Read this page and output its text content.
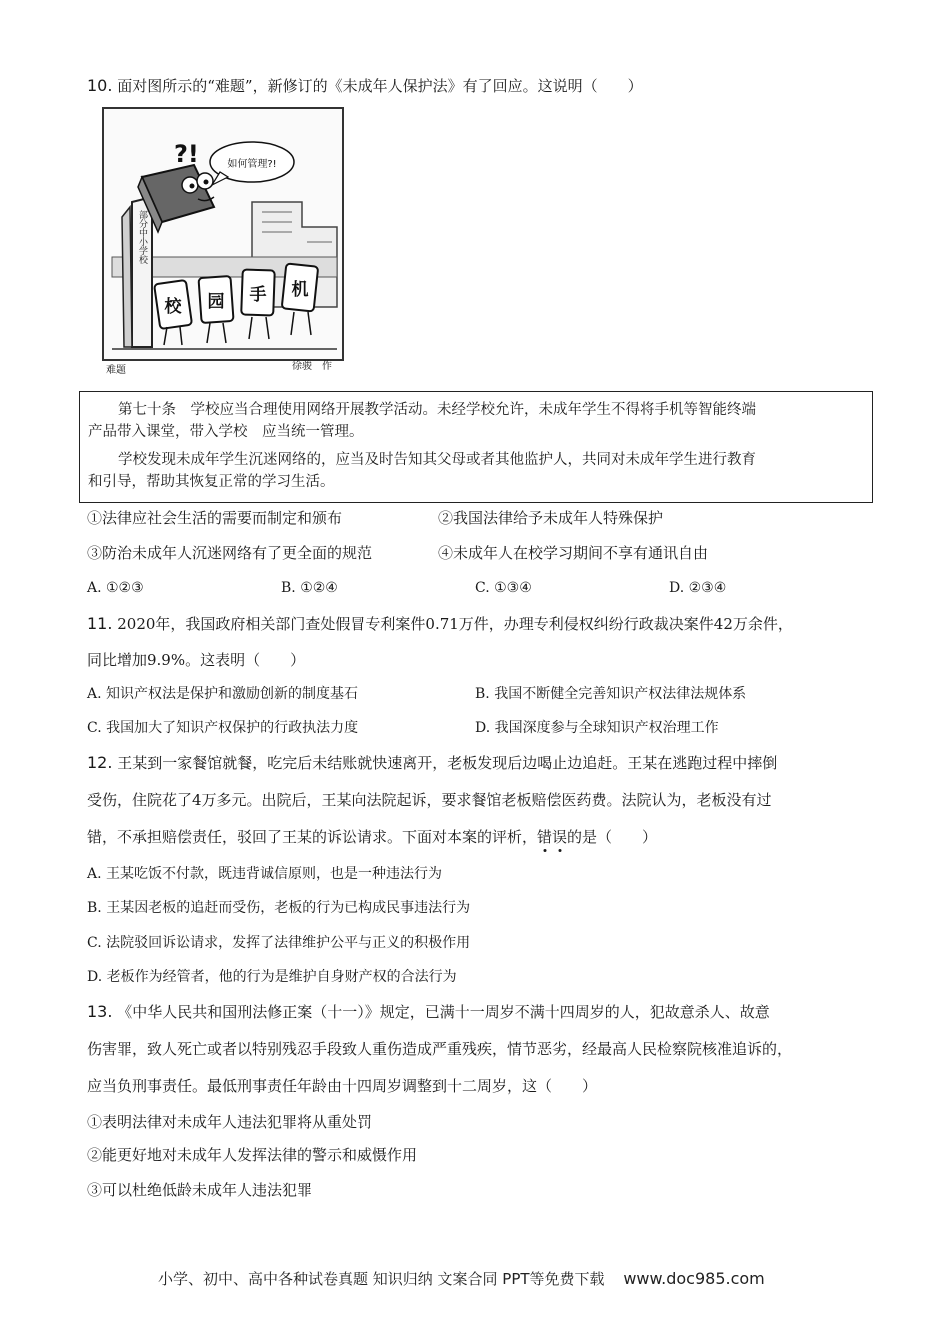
10. 面对图所示的“难题”，新修订的《未成年人保护法》有了回应。这说明（　　）
?!	如何管理?!
部分中小学校
校 园 手 机
难题	徐骏　作

第七十条　学校应当合理使用网络开展教学活动。未经学校允许，未成年学生不得将手机等智能终端

产品带入课堂，带入学校　应当统一管理。

学校发现未成年学生沉迷网络的，应当及时告知其父母或者其他监护人，共同对未成年学生进行教育

和引导，帮助其恢复正常的学习生活。

①法律应社会生活的需要而制定和颁布	②我国法律给予未成年人特殊保护
③防治未成年人沉迷网络有了更全面的规范	④未成年人在校学习期间不享有通讯自由
A. ①②③	B. ①②④	C. ①③④	D. ②③④
11. 2020年，我国政府相关部门查处假冒专利案件0.71万件，办理专利侵权纠纷行政裁决案件42万余件，
同比增加9.9%。这表明（　　）
A. 知识产权法是保护和激励创新的制度基石	B. 我国不断健全完善知识产权法律法规体系
C. 我国加大了知识产权保护的行政执法力度	D. 我国深度参与全球知识产权治理工作
12. 王某到一家餐馆就餐，吃完后未结账就快速离开，老板发现后边喝止边追赶。王某在逃跑过程中摔倒
受伤，住院花了4万多元。出院后，王某向法院起诉，要求餐馆老板赔偿医药费。法院认为，老板没有过
错，不承担赔偿责任，驳回了王某的诉讼请求。下面对本案的评析，错误的是（　　）
A. 王某吃饭不付款，既违背诚信原则，也是一种违法行为
B. 王某因老板的追赶而受伤，老板的行为已构成民事违法行为
C. 法院驳回诉讼请求，发挥了法律维护公平与正义的积极作用
D. 老板作为经管者，他的行为是维护自身财产权的合法行为
13. 《中华人民共和国刑法修正案（十一）》规定，已满十一周岁不满十四周岁的人，犯故意杀人、故意
伤害罪，致人死亡或者以特别残忍手段致人重伤造成严重残疾，情节恶劣，经最高人民检察院核准追诉的，
应当负刑事责任。最低刑事责任年龄由十四周岁调整到十二周岁，这（　　）
①表明法律对未成年人违法犯罪将从重处罚
②能更好地对未成年人发挥法律的警示和威慑作用
③可以杜绝低龄未成年人违法犯罪
小学、初中、高中各种试卷真题 知识归纳 文案合同 PPT等免费下载 www.doc985.com
